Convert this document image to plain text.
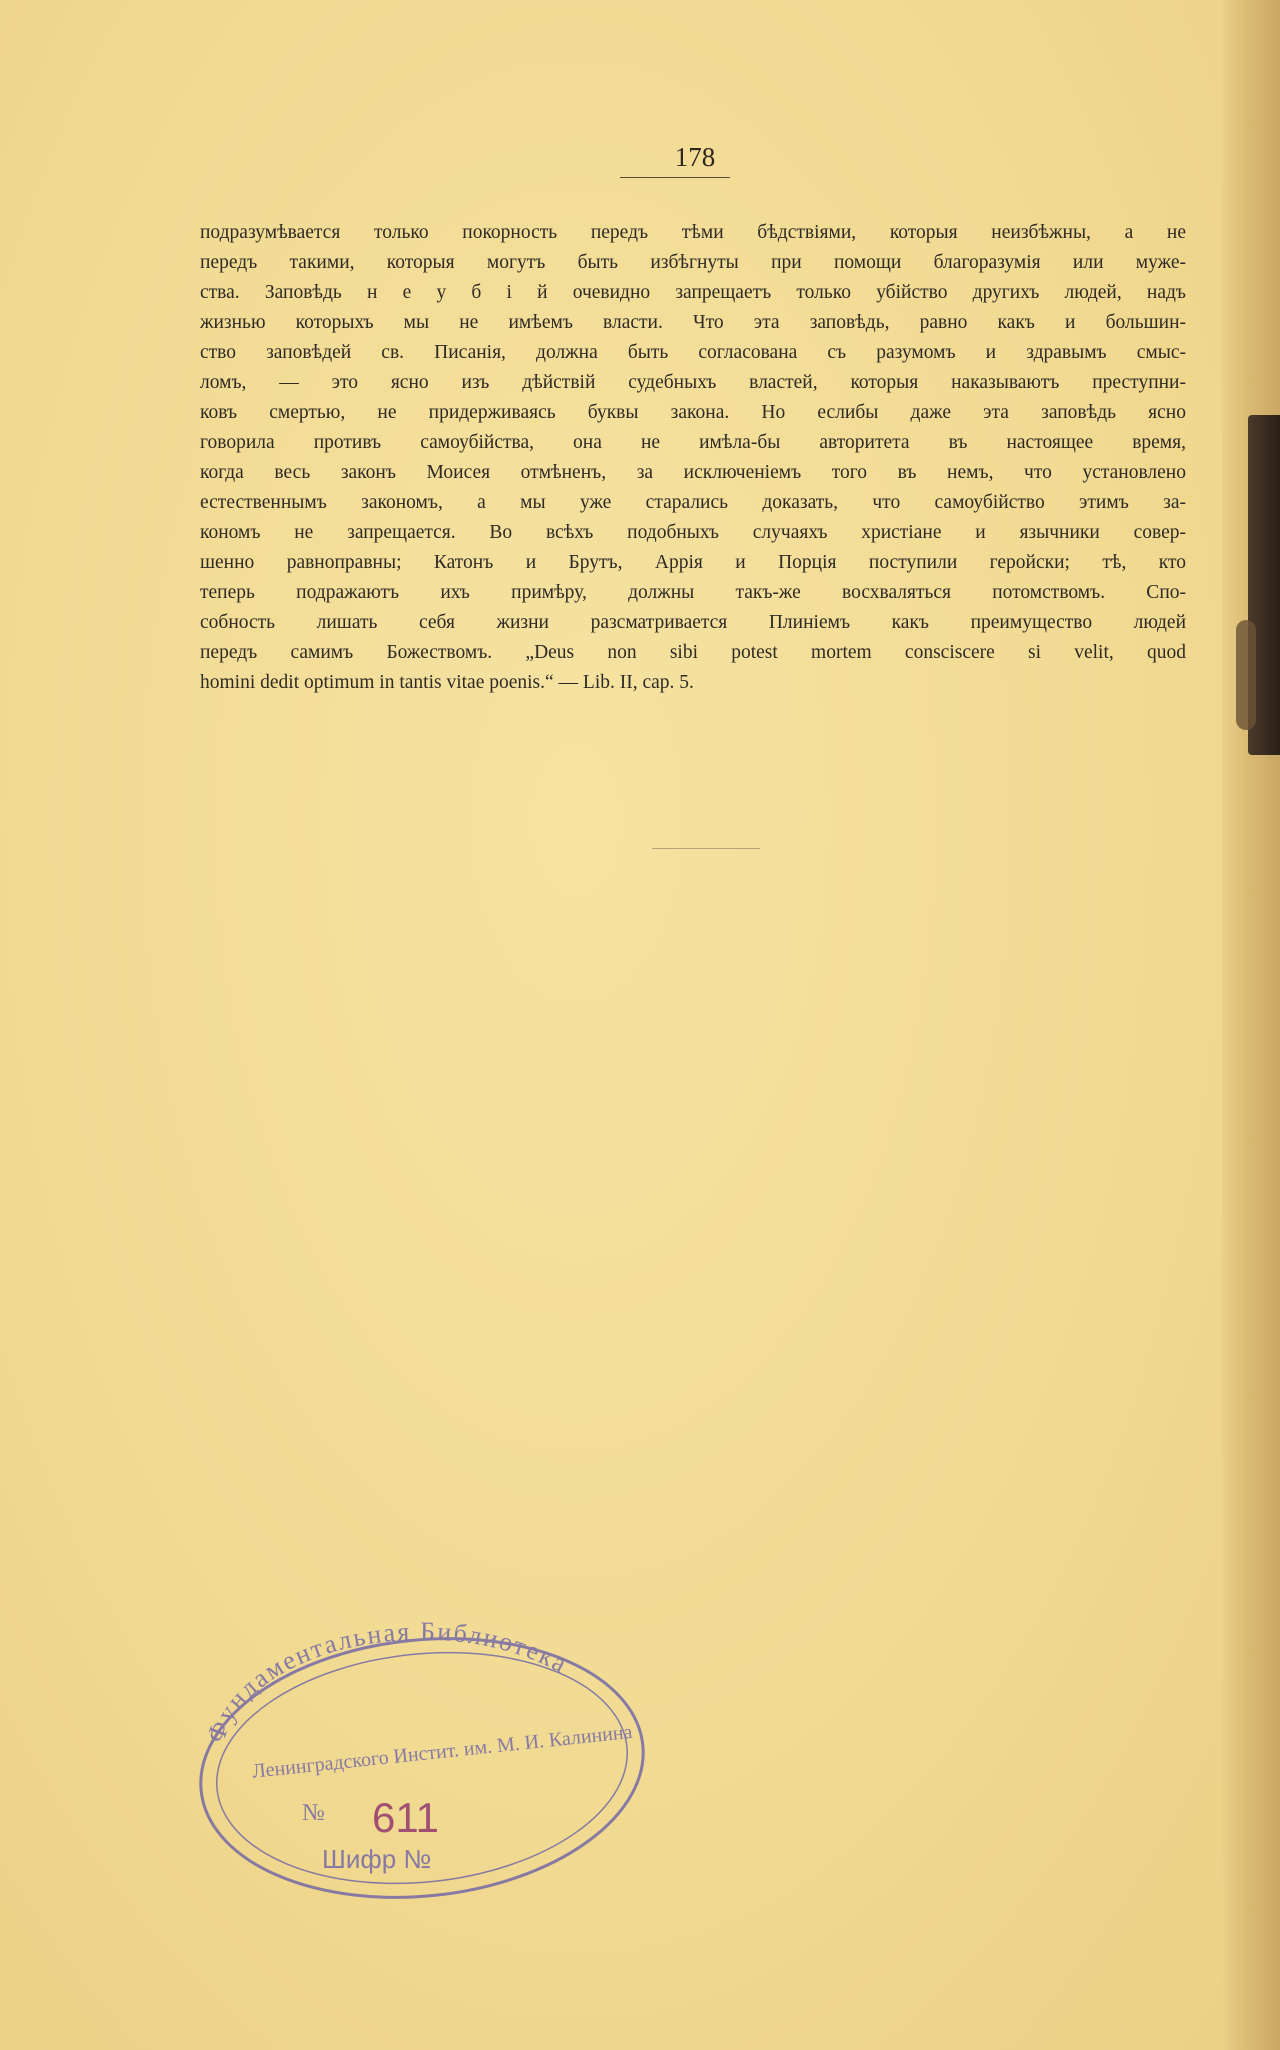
178
подразумѣвается только покорность передъ тѣми бѣдствіями, которыя неизбѣжны, а не
передъ такими, которыя могутъ быть избѣгнуты при помощи благоразумія или муже-
ства. Заповѣдь н е у б і й очевидно запрещаетъ только убійство другихъ людей, надъ
жизнью которыхъ мы не имѣемъ власти. Что эта заповѣдь, равно какъ и большин-
ство заповѣдей св. Писанія, должна быть согласована съ разумомъ и здравымъ смыс-
ломъ, — это ясно изъ дѣйствій судебныхъ властей, которыя наказываютъ преступни-
ковъ смертью, не придерживаясь буквы закона. Но еслибы даже эта заповѣдь ясно
говорила противъ самоубійства, она не имѣла-бы авторитета въ настоящее время,
когда весь законъ Моисея отмѣненъ, за исключеніемъ того въ немъ, что установлено
естественнымъ закономъ, а мы уже старались доказать, что самоубійство этимъ за-
кономъ не запрещается. Во всѣхъ подобныхъ случаяхъ христіане и язычники совер-
шенно равноправны; Катонъ и Брутъ, Аррія и Порція поступили геройски; тѣ, кто
теперь подражаютъ ихъ примѣру, должны такъ-же восхваляться потомствомъ. Спо-
собность лишать себя жизни разсматривается Плиніемъ какъ преимущество людей
передъ самимъ Божествомъ. „Deus non sibi potest mortem consciscere si velit, quod
homini dedit optimum in tantis vitae poenis.“ — Lib. II, cap. 5.
Фундаментальная Библиотека
Ленинградского Инстит. им. М. И. Калинина
№ 611
Шифр №
